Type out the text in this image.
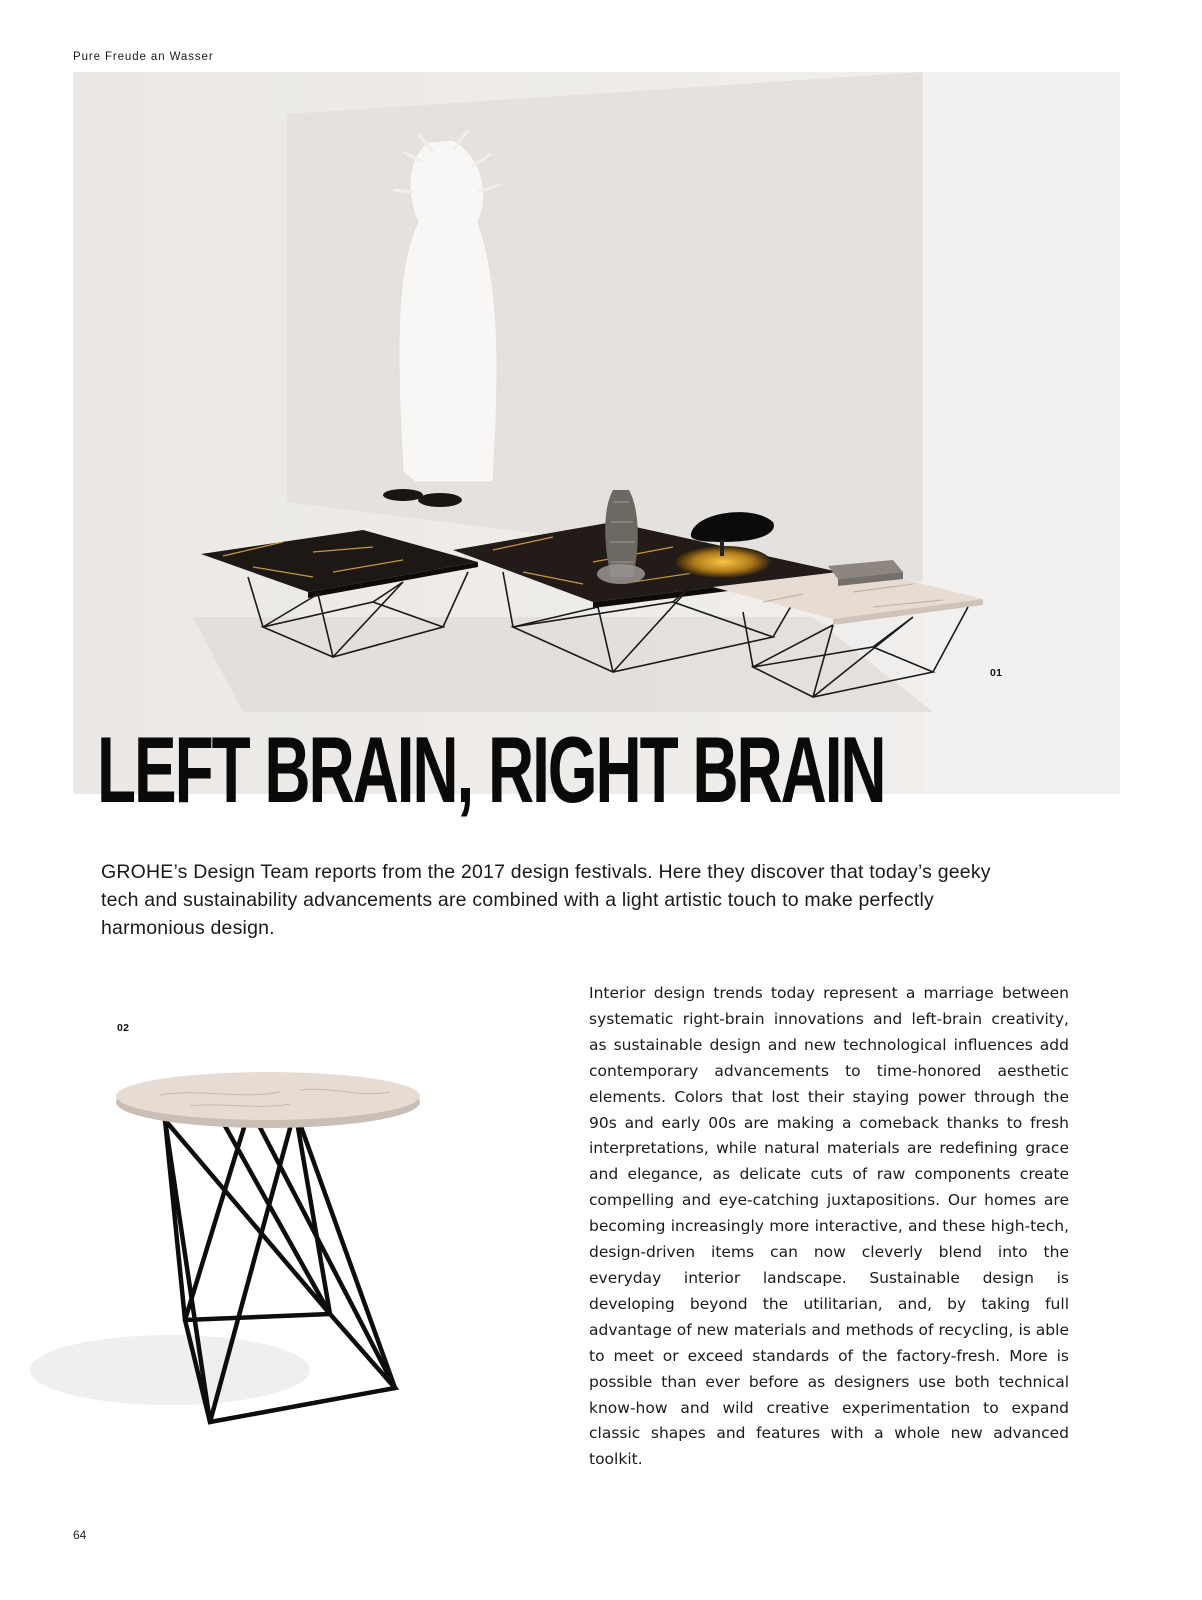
Pure Freude an Wasser
01
LEFT BRAIN, RIGHT BRAIN

GROHE’s Design Team reports from the 2017 design festivals. Here they discover that today’s geeky tech and sustainability advancements are combined with a light artistic touch to make perfectly harmonious design.

02

Interior design trends today represent a marriage between systematic right-brain innovations and left-brain creativity, as sustainable design and new technological influences add contemporary advancements to time-honored aesthetic elements. Colors that lost their staying power through the 90s and early 00s are making a comeback thanks to fresh interpretations, while natural materials are redefining grace and elegance, as delicate cuts of raw components create compelling and eye-catching juxtapositions. Our homes are becoming increasingly more interactive, and these high-tech, design-driven items can now cleverly blend into the everyday interior landscape. Sustainable design is developing beyond the utilitarian, and, by taking full advantage of new materials and methods of recycling, is able to meet or exceed standards of the factory-fresh. More is possible than ever before as designers use both technical know-how and wild creative experimentation to expand classic shapes and features with a whole new advanced toolkit.

64
